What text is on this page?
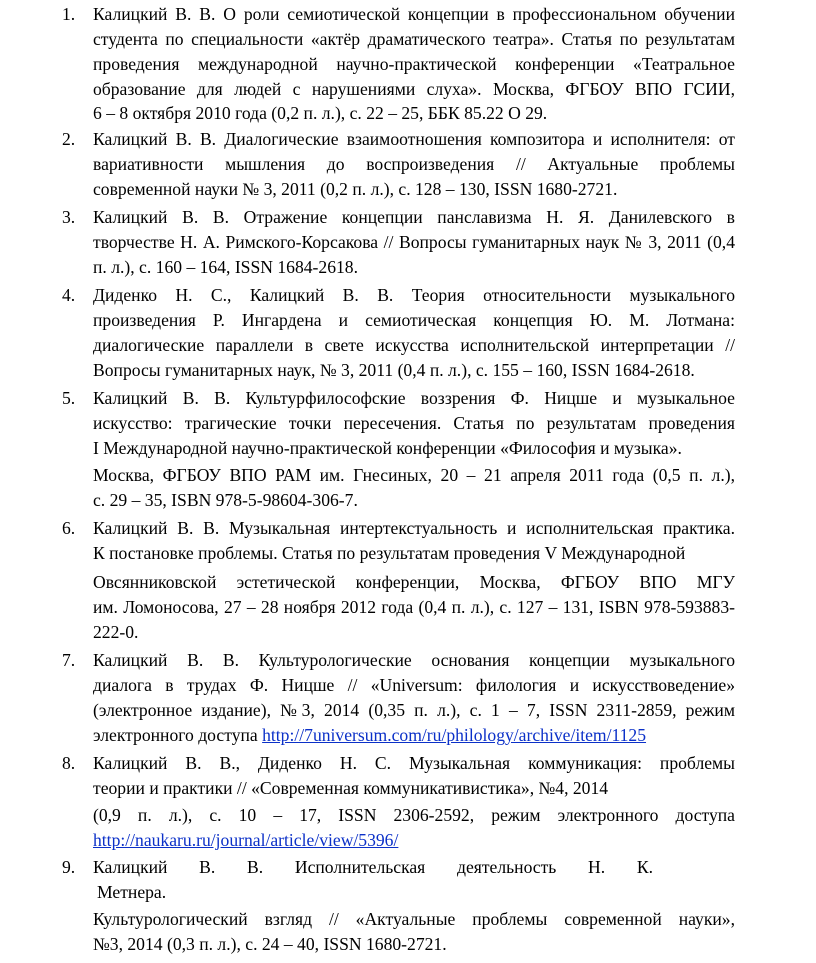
1. Калицкий В. В. О роли семиотической концепции в профессиональном обучении
студента по специальности «актёр драматического театра». Статья по результатам
проведения международной научно-практической конференции «Театральное
образование для людей с нарушениями слуха». Москва, ФГБОУ ВПО ГСИИ,
6 – 8 октября 2010 года (0,2 п. л.), с. 22 – 25, ББК 85.22 О 29.
2. Калицкий В. В. Диалогические взаимоотношения композитора и исполнителя: от
вариативности мышления до воспроизведения // Актуальные проблемы
современной науки № 3, 2011 (0,2 п. л.), с. 128 – 130, ISSN 1680-2721.
3. Калицкий В. В. Отражение концепции панславизма Н. Я. Данилевского в
творчестве Н. А. Римского-Корсакова // Вопросы гуманитарных наук № 3, 2011 (0,4
п. л.), с. 160 – 164, ISSN 1684-2618.
4. Диденко Н. С., Калицкий В. В. Теория относительности музыкального
произведения Р. Ингардена и семиотическая концепция Ю. М. Лотмана:
диалогические параллели в свете искусства исполнительской интерпретации //
Вопросы гуманитарных наук, № 3, 2011 (0,4 п. л.), с. 155 – 160, ISSN 1684-2618.
5. Калицкий В. В. Культурфилософские воззрения Ф. Ницше и музыкальное
искусство: трагические точки пересечения. Статья по результатам проведения
I Международной научно-практической конференции «Философия и музыка».
Москва, ФГБОУ ВПО РАМ им. Гнесиных, 20 – 21 апреля 2011 года (0,5 п. л.),
с. 29 – 35, ISBN 978-5-98604-306-7.
6. Калицкий В. В. Музыкальная интертекстуальность и исполнительская практика.
К постановке проблемы. Статья по результатам проведения V Международной
Овсянниковской эстетической конференции, Москва, ФГБОУ ВПО МГУ
им. Ломоносова, 27 – 28 ноября 2012 года (0,4 п. л.), с. 127 – 131, ISBN 978-593883-
222-0.
7. Калицкий В. В. Культурологические основания концепции музыкального
диалога в трудах Ф. Ницше // «Universum: филология и искусствоведение»
(электронное издание), №3, 2014 (0,35 п. л.), с. 1 – 7, ISSN 2311-2859, режим
электронного доступа http://7universum.com/ru/philology/archive/item/1125
8. Калицкий В. В., Диденко Н. С. Музыкальная коммуникация: проблемы
теории и практики // «Современная коммуникативистика», №4, 2014
(0,9 п. л.), с. 10 – 17, ISSN 2306-2592, режим электронного доступа
http://naukaru.ru/journal/article/view/5396/
9. Калицкий В. В. Исполнительская деятельность Н. К.
Метнера.
Культурологический взгляд // «Актуальные проблемы современной науки»,
№3, 2014 (0,3 п. л.), с. 24 – 40, ISSN 1680-2721.
